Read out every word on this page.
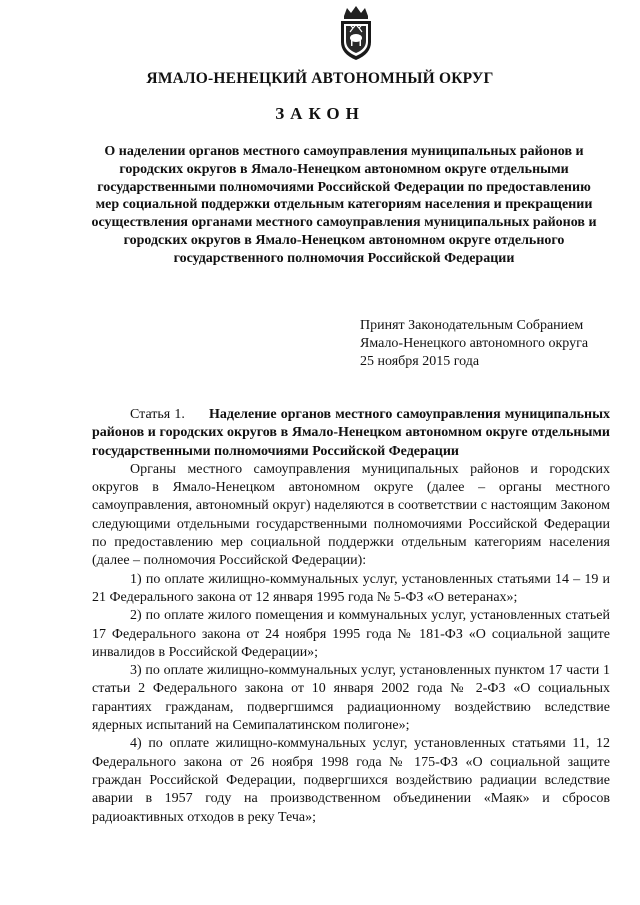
ЯМАЛО-НЕНЕЦКИЙ АВТОНОМНЫЙ ОКРУГ
ЗАКОН
О наделении органов местного самоуправления муниципальных районов и городских округов в Ямало-Ненецком автономном округе отдельными государственными полномочиями Российской Федерации по предоставлению мер социальной поддержки отдельным категориям населения и прекращении осуществления органами местного самоуправления муниципальных районов и городских округов в Ямало-Ненецком автономном округе отдельного государственного полномочия Российской Федерации
Принят Законодательным Собранием
Ямало-Ненецкого автономного округа
25 ноября 2015 года
Статья 1. Наделение органов местного самоуправления муниципальных районов и городских округов в Ямало-Ненецком автономном округе отдельными государственными полномочиями Российской Федерации

Органы местного самоуправления муниципальных районов и городских округов в Ямало-Ненецком автономном округе (далее – органы местного самоуправления, автономный округ) наделяются в соответствии с настоящим Законом следующими отдельными государственными полномочиями Российской Федерации по предоставлению мер социальной поддержки отдельным категориям населения (далее – полномочия Российской Федерации):

1) по оплате жилищно-коммунальных услуг, установленных статьями 14 – 19 и 21 Федерального закона от 12 января 1995 года № 5-ФЗ «О ветеранах»;

2) по оплате жилого помещения и коммунальных услуг, установленных статьей 17 Федерального закона от 24 ноября 1995 года № 181-ФЗ «О социальной защите инвалидов в Российской Федерации»;

3) по оплате жилищно-коммунальных услуг, установленных пунктом 17 части 1 статьи 2 Федерального закона от 10 января 2002 года № 2-ФЗ «О социальных гарантиях гражданам, подвергшимся радиационному воздействию вследствие ядерных испытаний на Семипалатинском полигоне»;

4) по оплате жилищно-коммунальных услуг, установленных статьями 11, 12 Федерального закона от 26 ноября 1998 года № 175-ФЗ «О социальной защите граждан Российской Федерации, подвергшихся воздействию радиации вследствие аварии в 1957 году на производственном объединении «Маяк» и сбросов радиоактивных отходов в реку Теча»;
